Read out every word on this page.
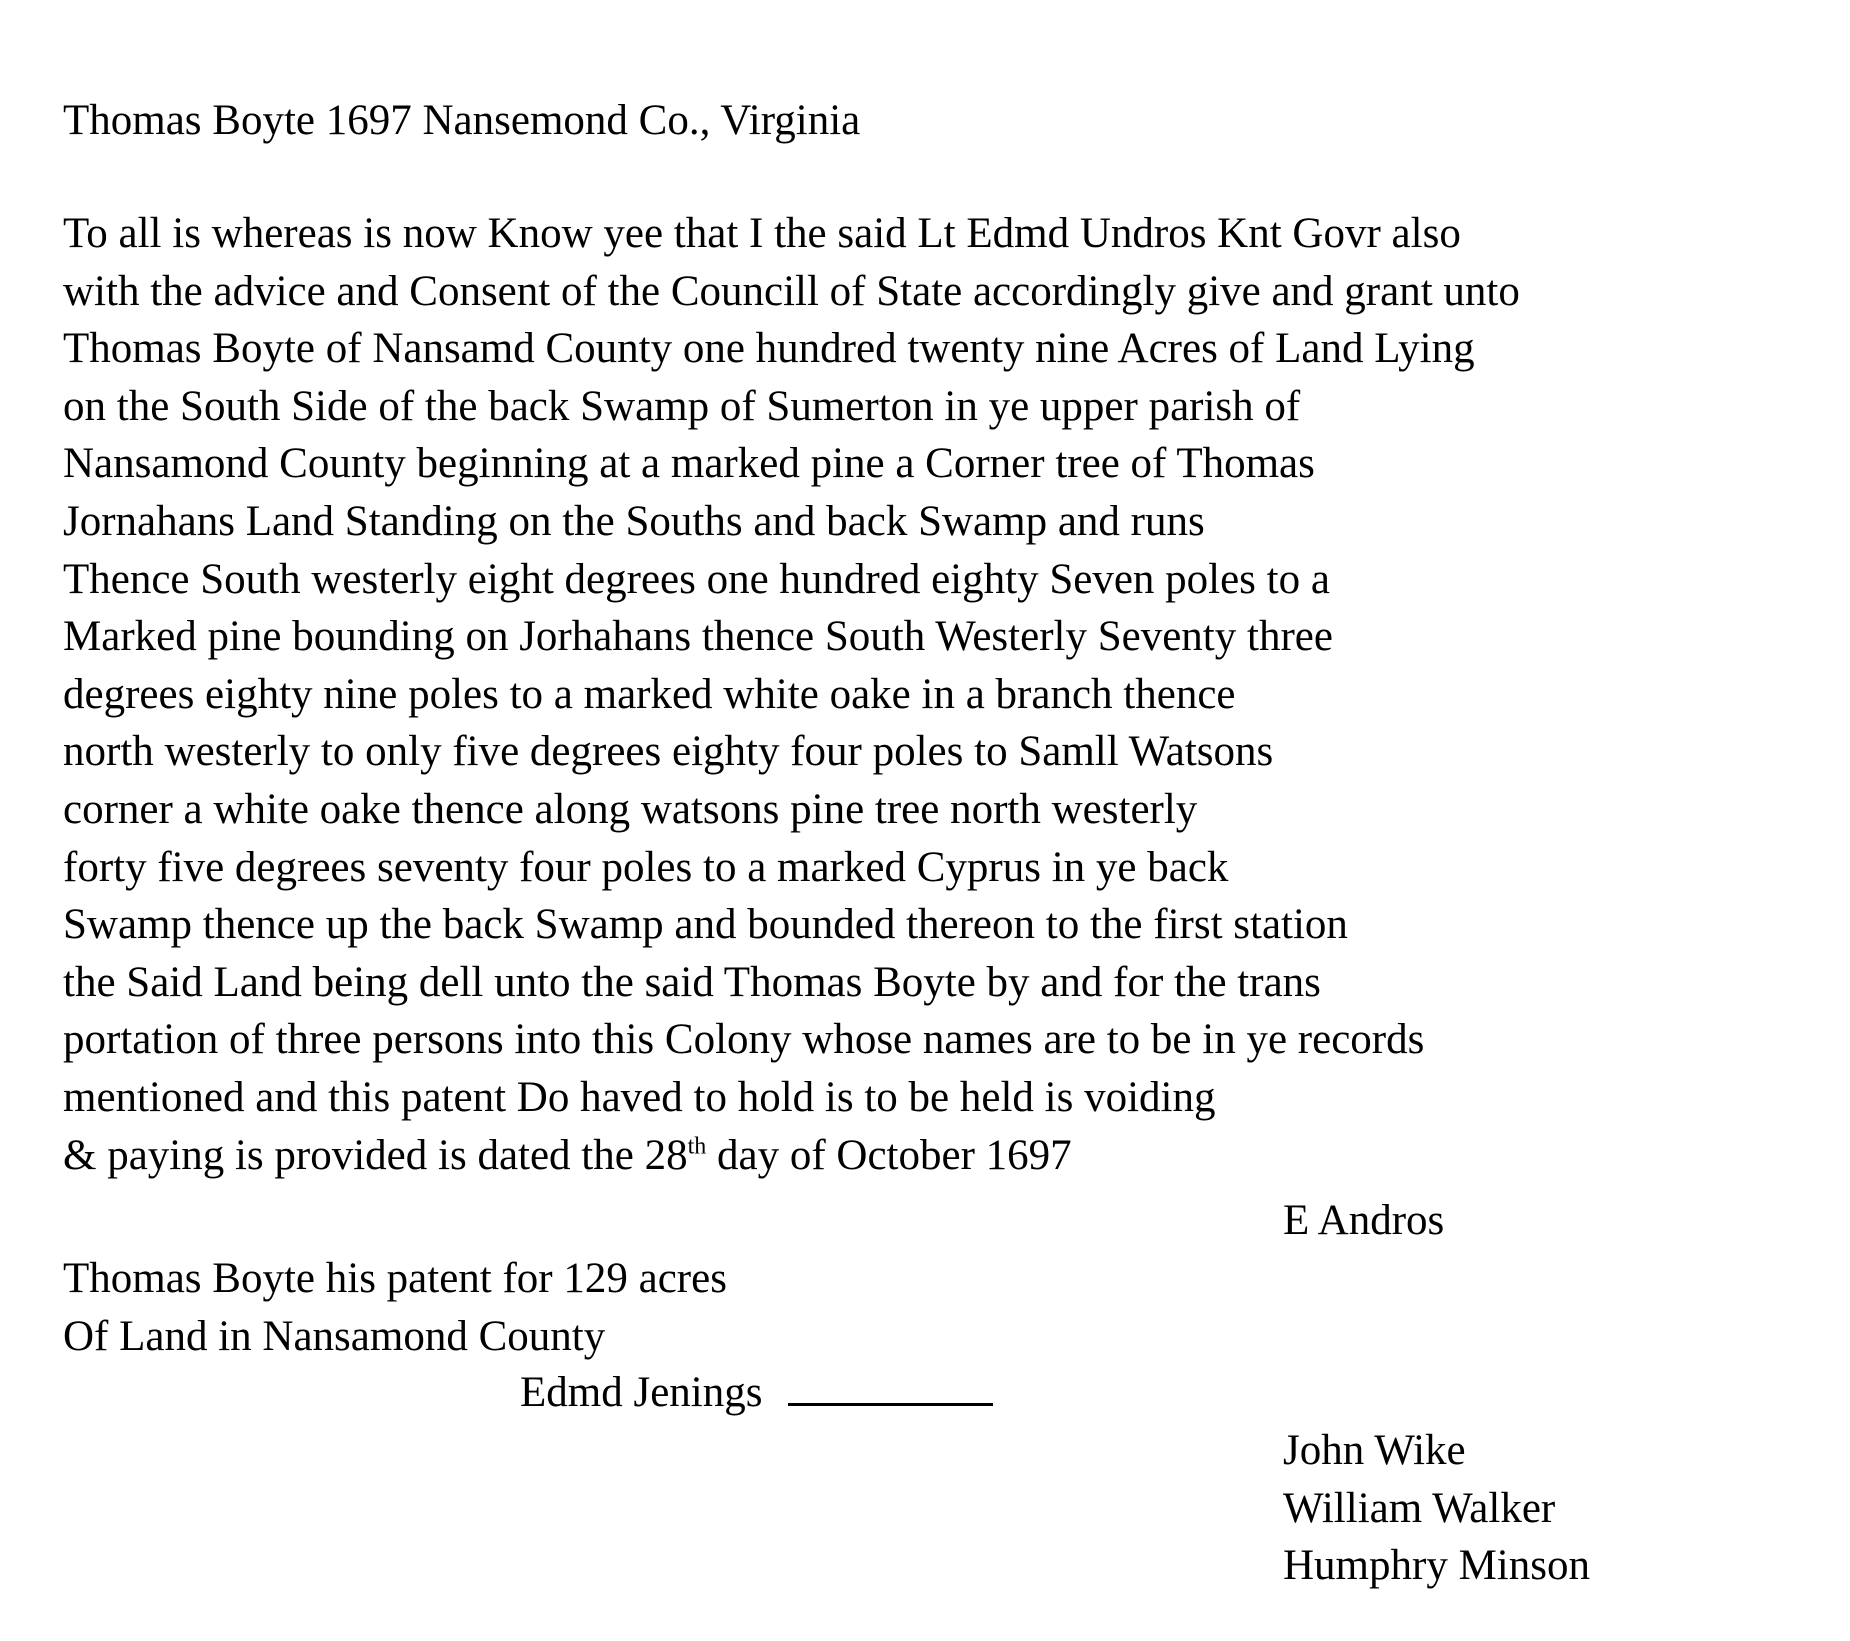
Thomas Boyte 1697 Nansemond Co., Virginia
To all is whereas is now Know yee that I the said Lt Edmd Undros Knt Govr also
with the advice and Consent of the Councill of State accordingly give and grant unto
Thomas Boyte of Nansamd County one hundred twenty nine Acres of Land Lying
on the South Side of the back Swamp of Sumerton in ye upper parish of
Nansamond County beginning at a marked pine a Corner tree of Thomas
Jornahans Land Standing on the Souths and back Swamp and runs
Thence South westerly eight degrees one hundred eighty Seven poles to a
Marked pine bounding on Jorhahans thence South Westerly Seventy three
degrees eighty nine poles to a marked white oake in a branch thence
north westerly to only five degrees eighty four poles to Samll Watsons
corner a white oake thence along watsons pine tree north westerly
forty five degrees seventy four poles to a marked Cyprus in ye back
Swamp thence up the back Swamp and bounded thereon to the first station
the Said Land being dell unto the said Thomas Boyte by and for the trans
portation of three persons into this Colony whose names are to be in ye records
mentioned and this patent Do haved to hold is to be held is voiding
& paying is provided is dated the 28th day of October 1697
E Andros
Thomas Boyte his patent for 129 acres
Of Land in Nansamond County
Edmd Jenings
John Wike
William Walker
Humphry Minson
